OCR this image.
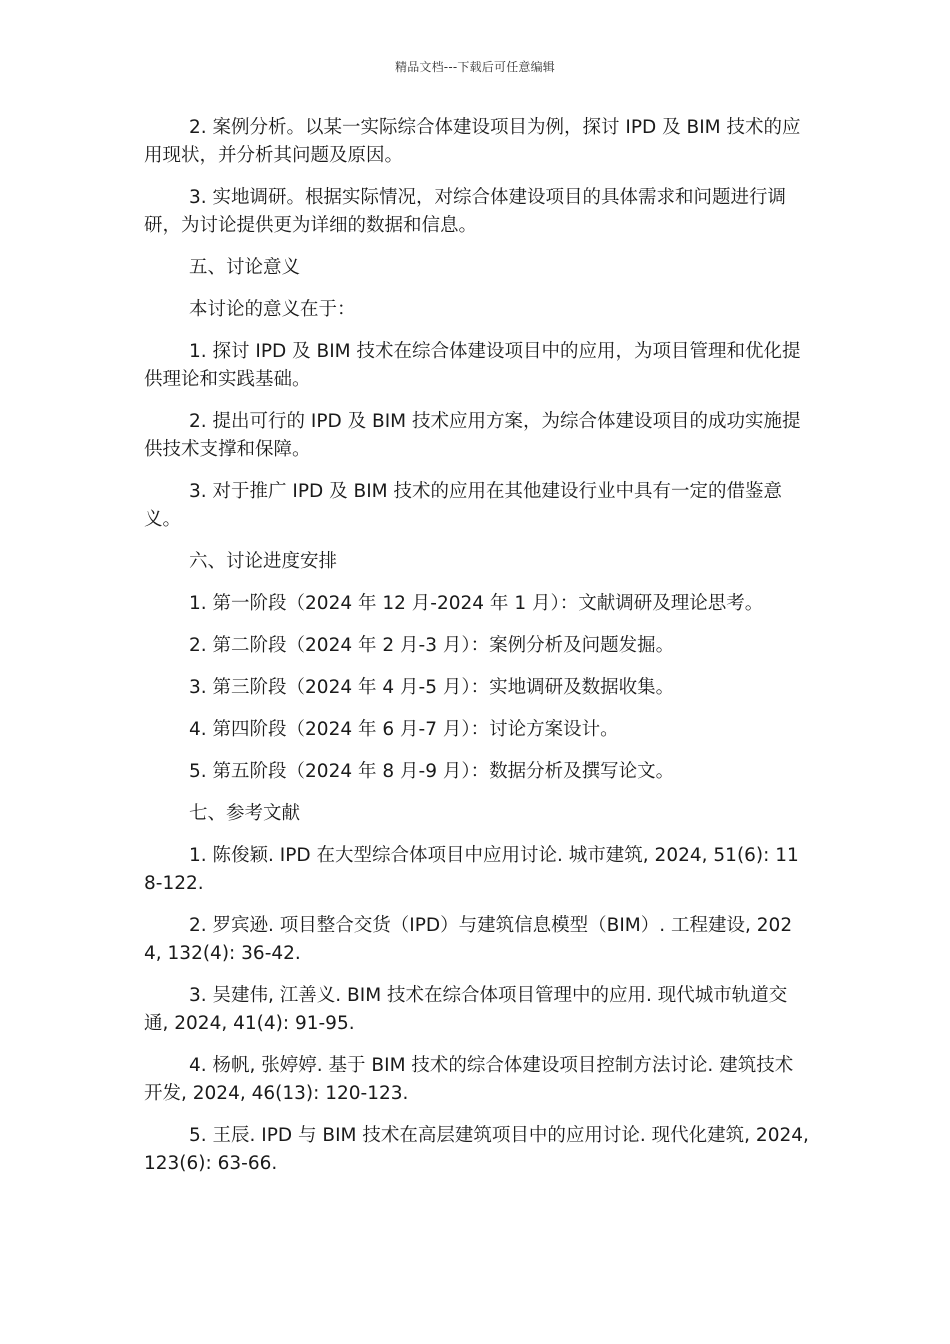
精品文档---下载后可任意编辑

2. 案例分析。以某一实际综合体建设项目为例，探讨 IPD 及 BIM 技术的应用现状，并分析其问题及原因。

3. 实地调研。根据实际情况，对综合体建设项目的具体需求和问题进行调研，为讨论提供更为详细的数据和信息。

五、讨论意义

本讨论的意义在于：

1. 探讨 IPD 及 BIM 技术在综合体建设项目中的应用，为项目管理和优化提供理论和实践基础。

2. 提出可行的 IPD 及 BIM 技术应用方案，为综合体建设项目的成功实施提供技术支撑和保障。

3. 对于推广 IPD 及 BIM 技术的应用在其他建设行业中具有一定的借鉴意义。

六、讨论进度安排

1. 第一阶段（2024 年 12 月-2024 年 1 月）：文献调研及理论思考。

2. 第二阶段（2024 年 2 月-3 月）：案例分析及问题发掘。

3. 第三阶段（2024 年 4 月-5 月）：实地调研及数据收集。

4. 第四阶段（2024 年 6 月-7 月）：讨论方案设计。

5. 第五阶段（2024 年 8 月-9 月）：数据分析及撰写论文。

七、参考文献

1. 陈俊颖. IPD 在大型综合体项目中应用讨论. 城市建筑, 2024, 51(6): 118-122.

2. 罗宾逊. 项目整合交货（IPD）与建筑信息模型（BIM）. 工程建设, 2024, 132(4): 36-42.

3. 吴建伟, 江善义. BIM 技术在综合体项目管理中的应用. 现代城市轨道交通, 2024, 41(4): 91-95.

4. 杨帆, 张婷婷. 基于 BIM 技术的综合体建设项目控制方法讨论. 建筑技术开发, 2024, 46(13): 120-123.

5. 王辰. IPD 与 BIM 技术在高层建筑项目中的应用讨论. 现代化建筑, 2024, 123(6): 63-66.
